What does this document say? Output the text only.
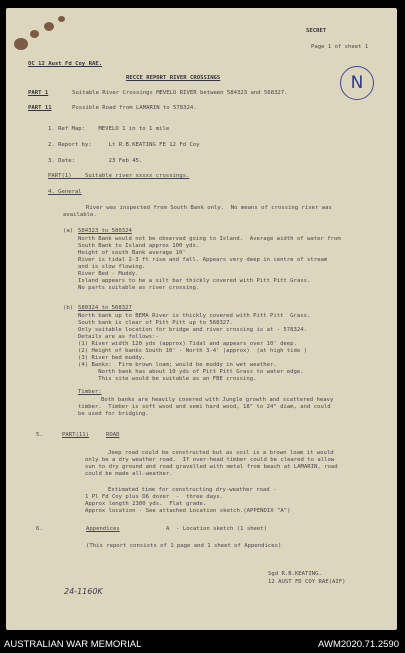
SECRET
Page 1 of sheet 1
OC 12 Aust Fd Coy RAE.
N
RECCE REPORT RIVER CROSSINGS
PART 1	Suitable River Crossings MEVELO RIVER between 584323 and 568327.
PART 11	Possible Road from LAMARIN to 578324.
1. Ref Map:    MEVELO 1 in to 1 mile
2. Report by:     Lt R.B.KEATING FE 12 Fd Coy
3. Date:          23 Feb 45.
PART(1)    Suitable river xxxxx crossings.
4. General
River was inspected from South Bank only.  No means of crossing river was
available.
(a) 584323 to 580324
North Bank would not be observed going to Island.  Average width of water from
South Bank to Island approx 100 yds.
Height of south Bank average 10'
River is tidal 2-3 ft rise and fall. Appears very deep in centre of stream
and is slow flowing.
River Bed - Muddy.
Island appears to be a silt bar thickly covered with Pitt Pitt Grass.
No parts suitable as river crossing.
(b) 580324 to 568327
North bank up to BEMA River is thickly covered with Pitt Pitt  Grass.
South bank is clear of Pitt Pitt up to 568327.
Only suitable location for bridge and river crossing is at - 578324.
Details are as follows:-
(1) River width 120 yds (approx) Tidal and appears over 10' deep.
(2) Height of banks South 10' - North 3-4' (approx)  (at high tide )
(3) River bed muddy.
(4) Banks:  Firm brown loam; would be muddy in wet weather.
North bank has about 10 yds of Pitt Pitt Grass to water edge.
This site would be suitable as an FBE crossing.
Timber:
Both banks are heavily covered with Jungle growth and scattered heavy
timber.  Timber is soft wood and semi hard wood, 18" to 24" diam, and could
be used for bridging.
5.	PART(11)	ROAD
Jeep road could be constructed but as soil is a brown loam it would
only be a dry weather road.  If over-head timber could be cleared to allow
sun to dry ground and road gravelled with metal from beach at LAMARIN, road
could be made all-weather.
Estimated time for constructing dry-weather road -
1 Pl Fd Coy plus D6 dozer  -  three days.
Approx length 2300 yds.  Flat grade.
Approx location - See attached Location sketch.(APPENDIX "A")
6.	Appendices	A  - Location sketch (1 sheet)
(This report consists of 1 page and 1 sheet of Appendices)
Sgd R.B.KEATING.
12 AUST FD COY RAE(AIF)
24-1160K
AUSTRALIAN WAR MEMORIAL	AWM2020.71.2590
